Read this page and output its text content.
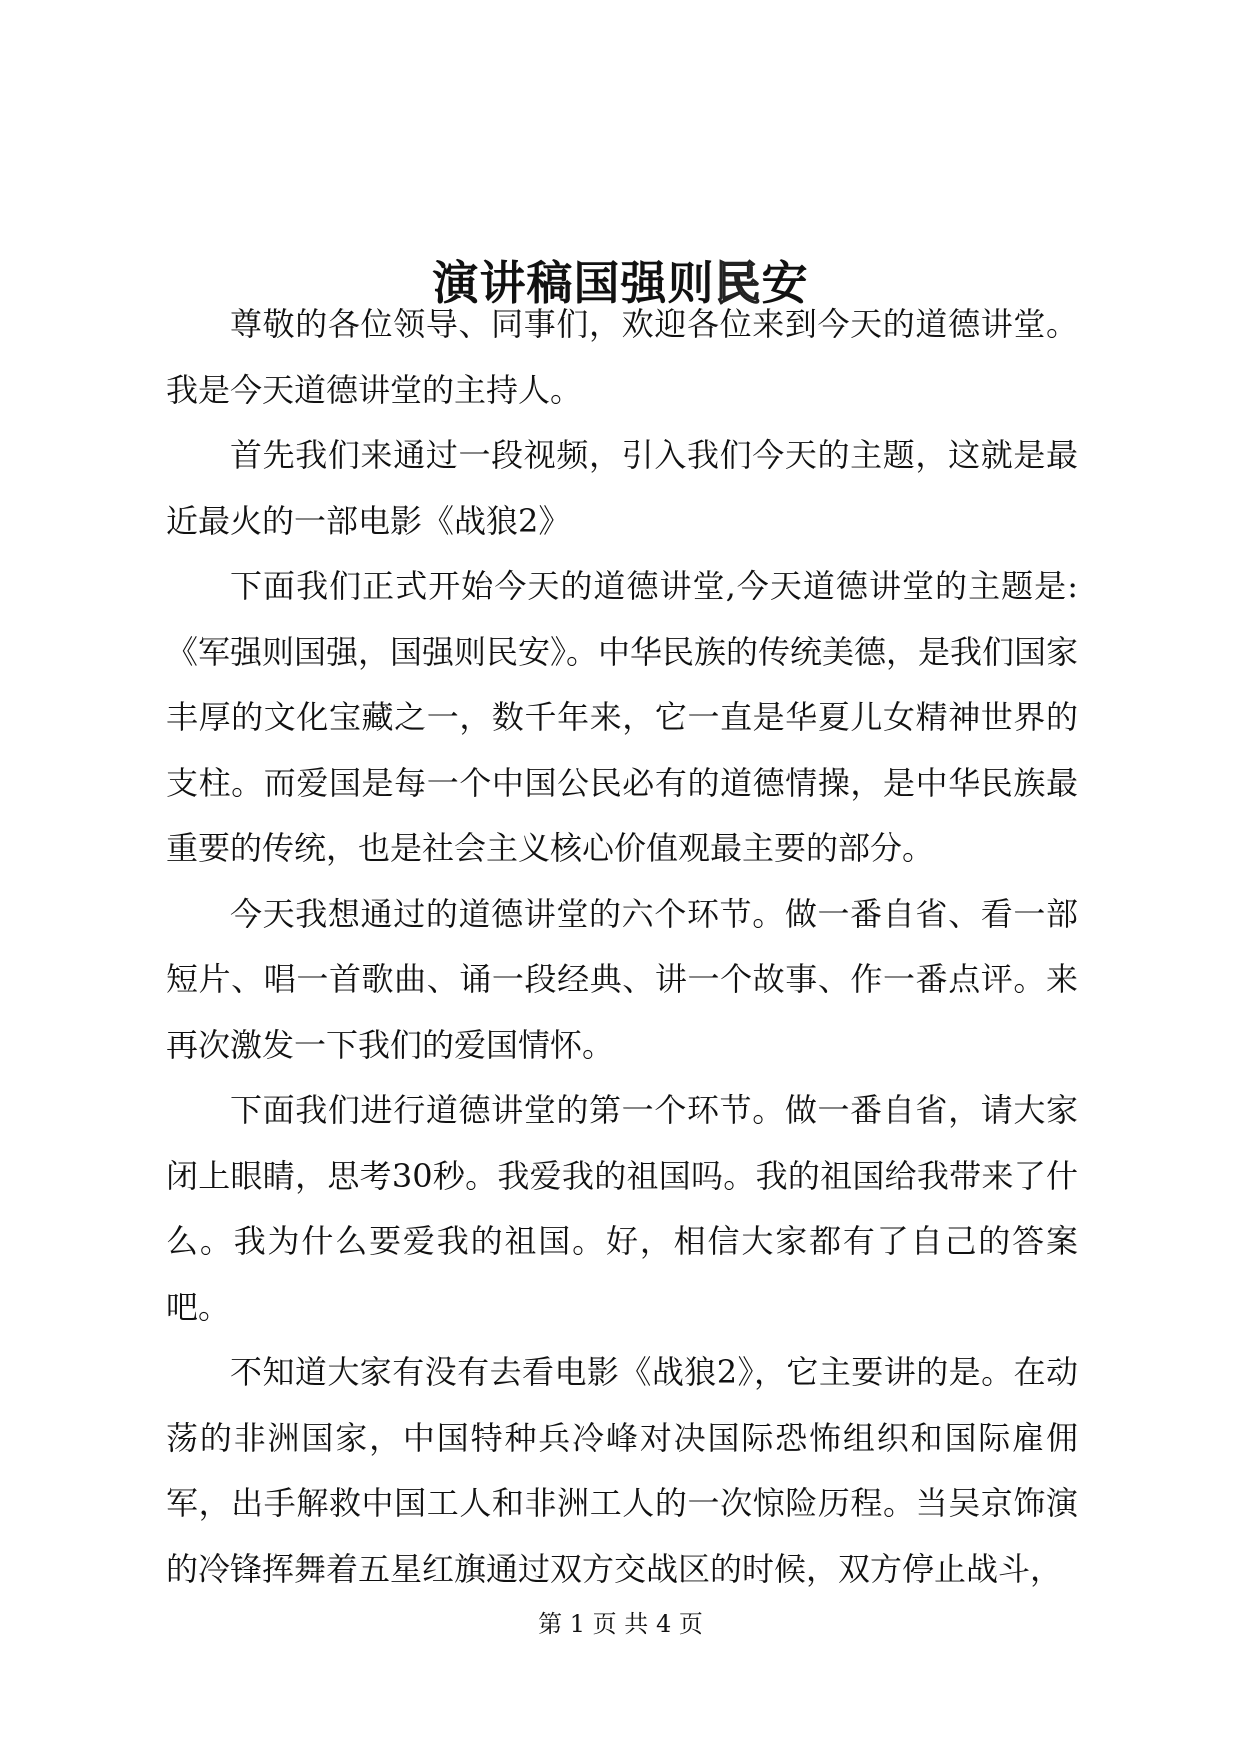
演讲稿国强则民安

尊敬的各位领导、同事们，欢迎各位来到今天的道德讲堂。我是今天道德讲堂的主持人。

首先我们来通过一段视频，引入我们今天的主题，这就是最近最火的一部电影《战狼2》

下面我们正式开始今天的道德讲堂,今天道德讲堂的主题是:《军强则国强，国强则民安》。中华民族的传统美德，是我们国家丰厚的文化宝藏之一，数千年来，它一直是华夏儿女精神世界的支柱。而爱国是每一个中国公民必有的道德情操，是中华民族最重要的传统，也是社会主义核心价值观最主要的部分。

今天我想通过的道德讲堂的六个环节。做一番自省、看一部短片、唱一首歌曲、诵一段经典、讲一个故事、作一番点评。来再次激发一下我们的爱国情怀。

下面我们进行道德讲堂的第一个环节。做一番自省，请大家闭上眼睛，思考30秒。我爱我的祖国吗。我的祖国给我带来了什么。我为什么要爱我的祖国。好，相信大家都有了自己的答案吧。

不知道大家有没有去看电影《战狼2》，它主要讲的是。在动荡的非洲国家，中国特种兵冷峰对决国际恐怖组织和国际雇佣军，出手解救中国工人和非洲工人的一次惊险历程。当吴京饰演的冷锋挥舞着五星红旗通过双方交战区的时候，双方停止战斗，

第 1 页 共 4 页
